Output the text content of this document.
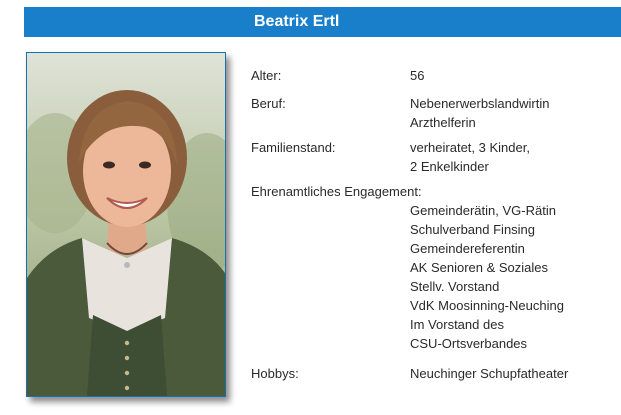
Beatrix Ertl
Alter:	56
Beruf:	Nebenerwerbslandwirtin
Arzthelferin
Familienstand:	verheiratet, 3 Kinder,
2 Enkelkinder
Ehrenamtliches Engagement:
Gemeinderätin, VG-Rätin
Schulverband Finsing
Gemeindereferentin
AK Senioren & Soziales
Stellv. Vorstand
VdK Moosinning-Neuching
Im Vorstand des
CSU-Ortsverbandes
Hobbys:	Neuchinger Schupfatheater
